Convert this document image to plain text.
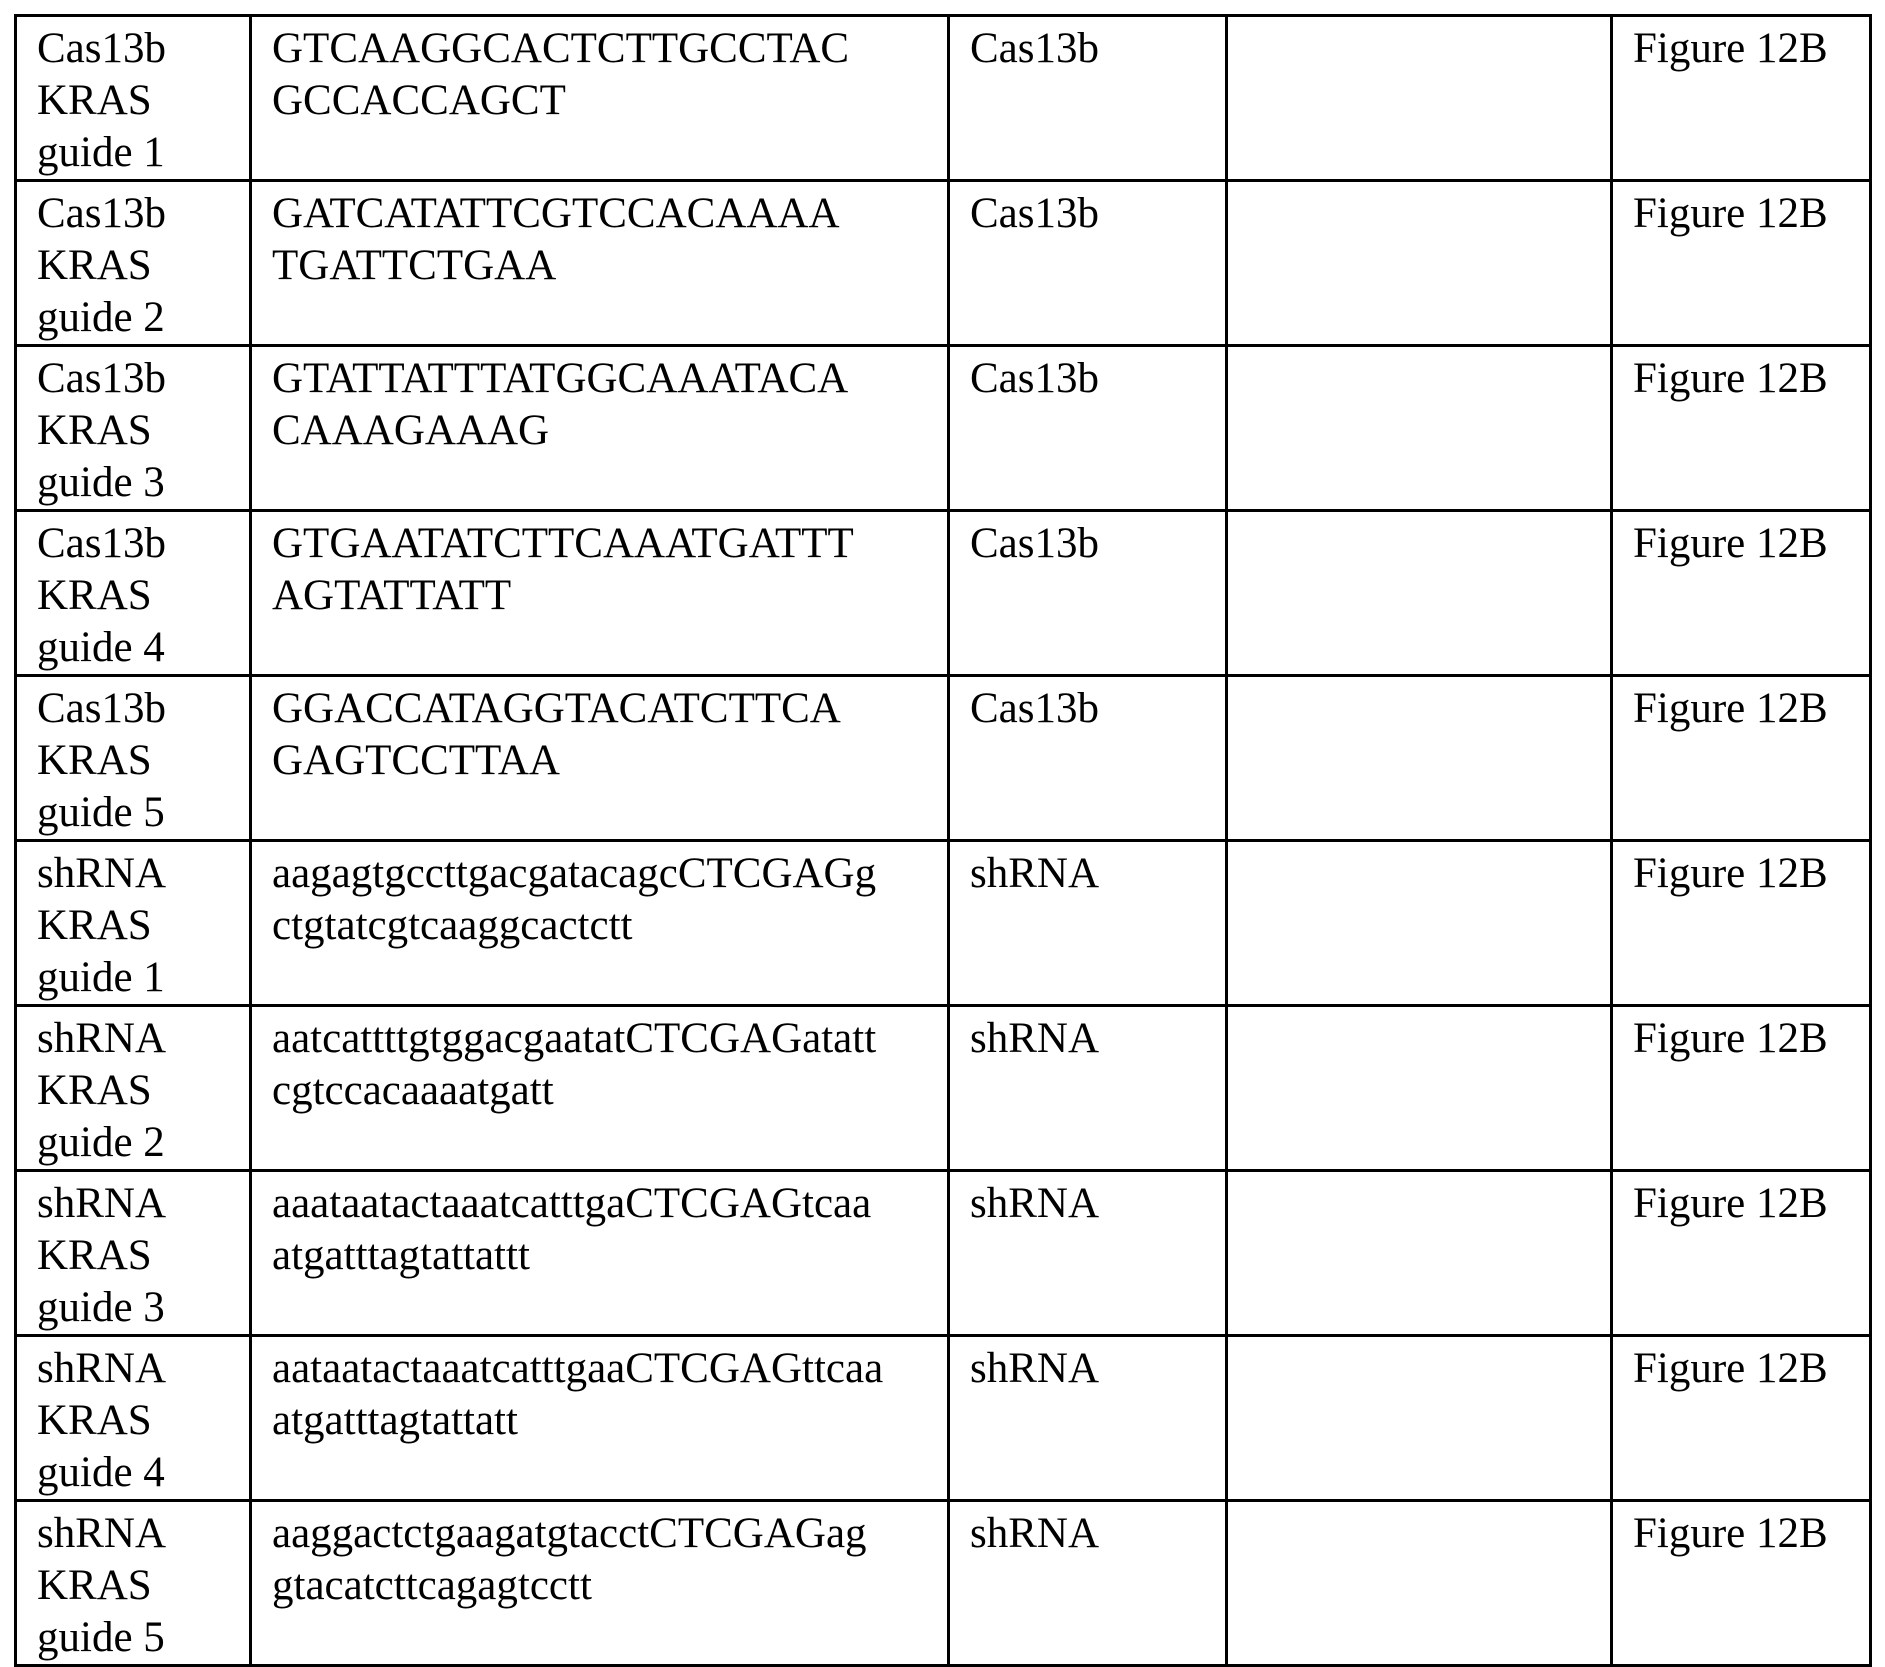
Cas13b
KRAS
guide 1	GTCAAGGCACTCTTGCCTAC
GCCACCAGCT	Cas13b		Figure 12B

Cas13b
KRAS
guide 2	GATCATATTCGTCCACAAAA
TGATTCTGAA	Cas13b		Figure 12B

Cas13b
KRAS
guide 3	GTATTATTTATGGCAAATACA
CAAAGAAAG	Cas13b		Figure 12B

Cas13b
KRAS
guide 4	GTGAATATCTTCAAATGATTT
AGTATTATT	Cas13b		Figure 12B

Cas13b
KRAS
guide 5	GGACCATAGGTACATCTTCA
GAGTCCTTAA	Cas13b		Figure 12B

shRNA
KRAS
guide 1	aagagtgccttgacgatacagcCTCGAGg
ctgtatcgtcaaggcactctt	shRNA		Figure 12B

shRNA
KRAS
guide 2	aatcattttgtggacgaatatCTCGAGatatt
cgtccacaaaatgatt	shRNA		Figure 12B

shRNA
KRAS
guide 3	aaataatactaaatcatttgaCTCGAGtcaa
atgatttagtattattt	shRNA		Figure 12B

shRNA
KRAS
guide 4	aataatactaaatcatttgaaCTCGAGttcaa
atgatttagtattatt	shRNA		Figure 12B

shRNA
KRAS
guide 5	aaggactctgaagatgtacctCTCGAGag
gtacatcttcagagtcctt	shRNA		Figure 12B
